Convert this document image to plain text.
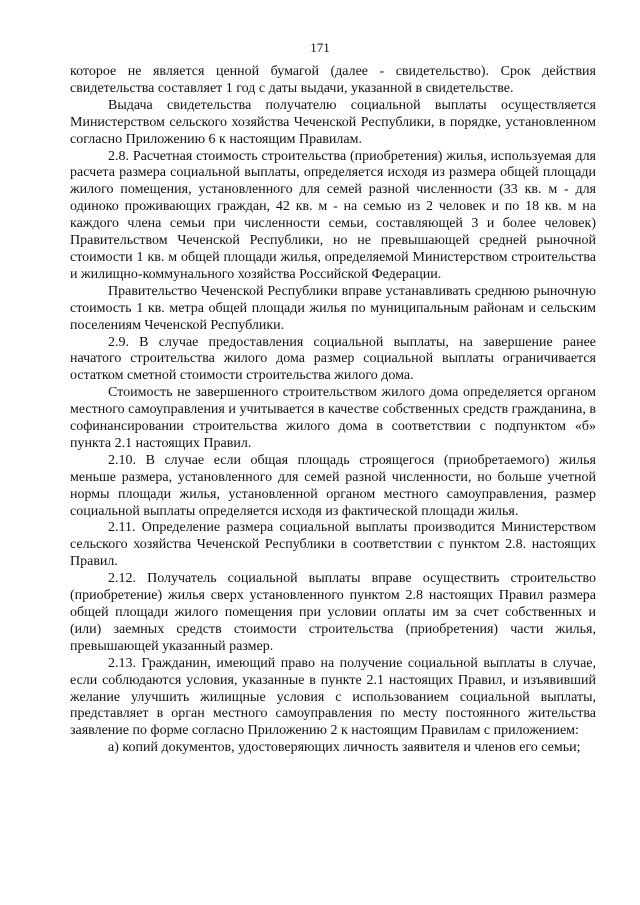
171

которое не является ценной бумагой (далее - свидетельство). Срок действия свидетельства составляет 1 год с даты выдачи, указанной в свидетельстве.

Выдача свидетельства получателю социальной выплаты осуществляется Министерством сельского хозяйства Чеченской Республики, в порядке, установленном согласно Приложению 6 к настоящим Правилам.

2.8. Расчетная стоимость строительства (приобретения) жилья, используемая для расчета размера социальной выплаты, определяется исходя из размера общей площади жилого помещения, установленного для семей разной численности (33 кв. м - для одиноко проживающих граждан, 42 кв. м - на семью из 2 человек и по 18 кв. м на каждого члена семьи при численности семьи, составляющей 3 и более человек) Правительством Чеченской Республики, но не превышающей средней рыночной стоимости 1 кв. м общей площади жилья, определяемой Министерством строительства и жилищно-коммунального хозяйства Российской Федерации.

Правительство Чеченской Республики вправе устанавливать среднюю рыночную стоимость 1 кв. метра общей площади жилья по муниципальным районам и сельским поселениям Чеченской Республики.

2.9. В случае предоставления социальной выплаты, на завершение ранее начатого строительства жилого дома размер социальной выплаты ограничивается остатком сметной стоимости строительства жилого дома.

Стоимость не завершенного строительством жилого дома определяется органом местного самоуправления и учитывается в качестве собственных средств гражданина, в софинансировании строительства жилого дома в соответствии с подпунктом «б» пункта 2.1 настоящих Правил.

2.10. В случае если общая площадь строящегося (приобретаемого) жилья меньше размера, установленного для семей разной численности, но больше учетной нормы площади жилья, установленной органом местного самоуправления, размер социальной выплаты определяется исходя из фактической площади жилья.

2.11. Определение размера социальной выплаты производится Министерством сельского хозяйства Чеченской Республики в соответствии с пунктом 2.8. настоящих Правил.

2.12. Получатель социальной выплаты вправе осуществить строительство (приобретение) жилья сверх установленного пунктом 2.8 настоящих Правил размера общей площади жилого помещения при условии оплаты им за счет собственных и (или) заемных средств стоимости строительства (приобретения) части жилья, превышающей указанный размер.

2.13. Гражданин, имеющий право на получение социальной выплаты в случае, если соблюдаются условия, указанные в пункте 2.1 настоящих Правил, и изъявивший желание улучшить жилищные условия с использованием социальной выплаты, представляет в орган местного самоуправления по месту постоянного жительства заявление по форме согласно Приложению 2 к настоящим Правилам с приложением:

а) копий документов, удостоверяющих личность заявителя и членов его семьи;
